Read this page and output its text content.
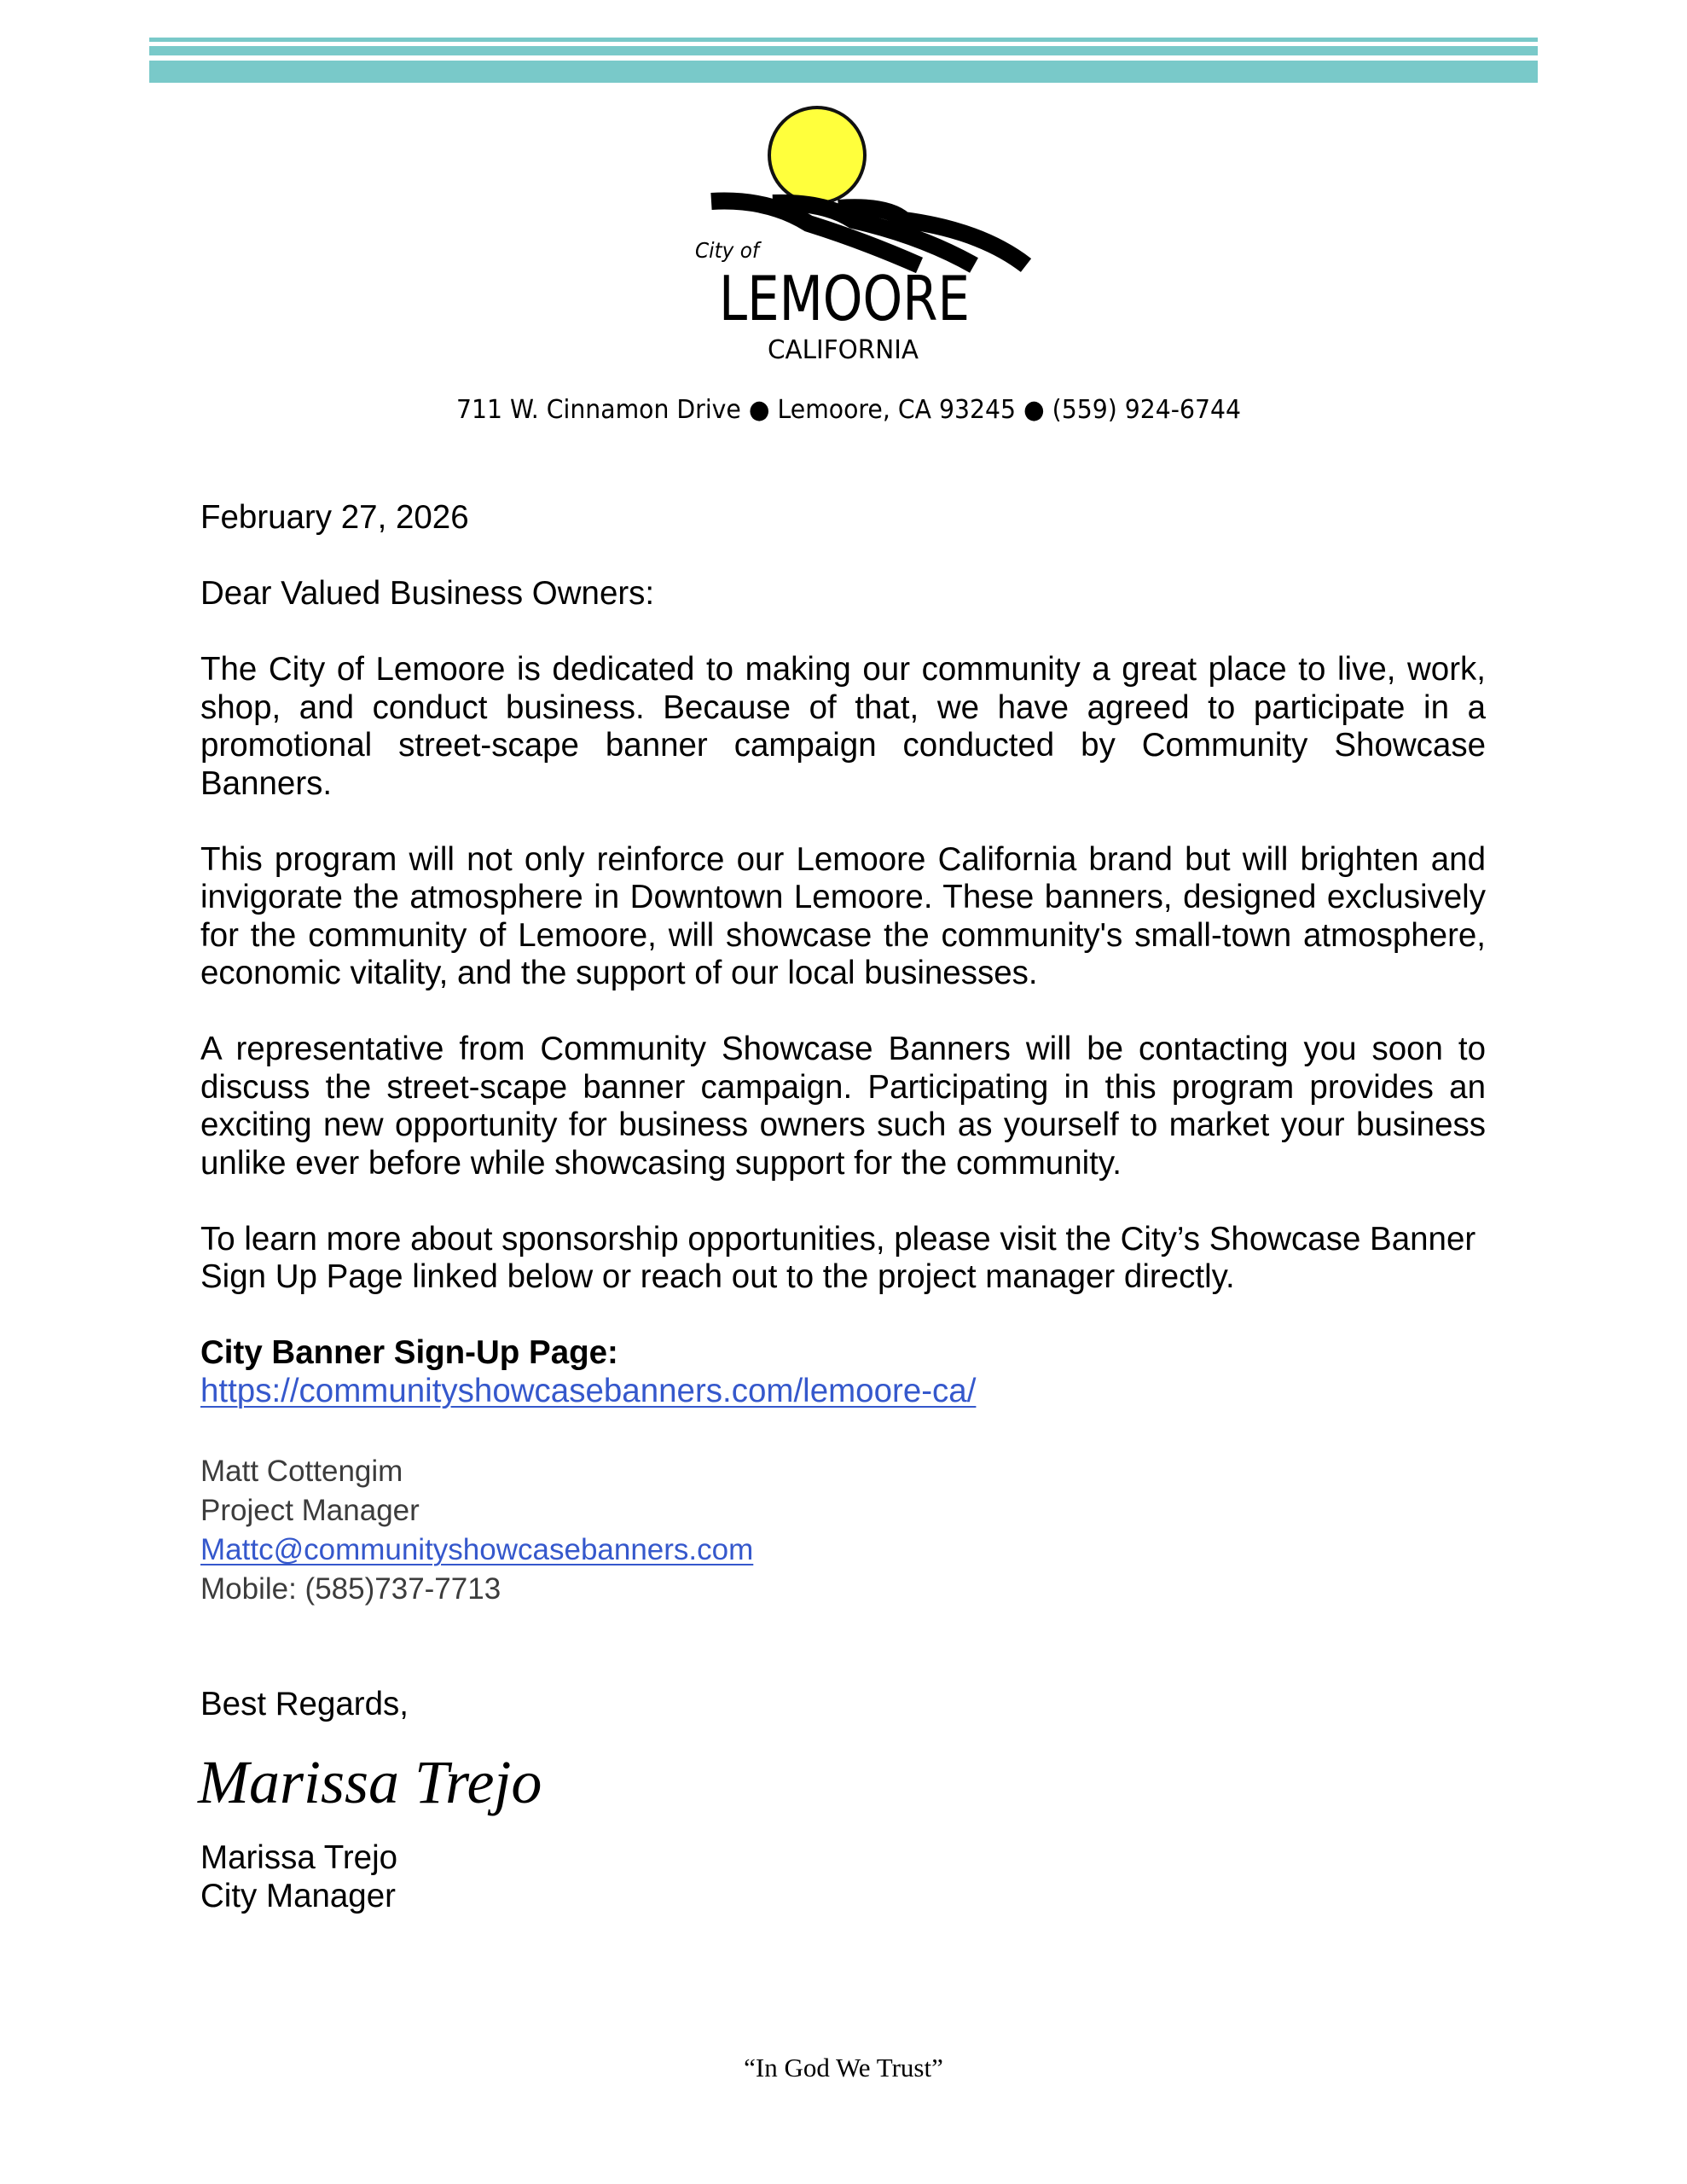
City of
LEMOORE
CALIFORNIA
711 W. Cinnamon Drive ● Lemoore, CA 93245 ● (559) 924-6744

February 27, 2026

Dear Valued Business Owners:

The City of Lemoore is dedicated to making our community a great place to live, work, shop, and conduct business. Because of that, we have agreed to participate in a promotional street-scape banner campaign conducted by Community Showcase Banners.

This program will not only reinforce our Lemoore California brand but will brighten and invigorate the atmosphere in Downtown Lemoore. These banners, designed exclusively for the community of Lemoore, will showcase the community's small-town atmosphere, economic vitality, and the support of our local businesses.

A representative from Community Showcase Banners will be contacting you soon to discuss the street-scape banner campaign. Participating in this program provides an exciting new opportunity for business owners such as yourself to market your business unlike ever before while showcasing support for the community.

To learn more about sponsorship opportunities, please visit the City’s Showcase Banner Sign Up Page linked below or reach out to the project manager directly.

City Banner Sign-Up Page:

https://communityshowcasebanners.com/lemoore-ca/

Matt Cottengim
Project Manager
Mattc@communityshowcasebanners.com
Mobile: (585)737-7713
Best Regards,
Marissa Trejo
Marissa Trejo
City Manager
“In God We Trust”
